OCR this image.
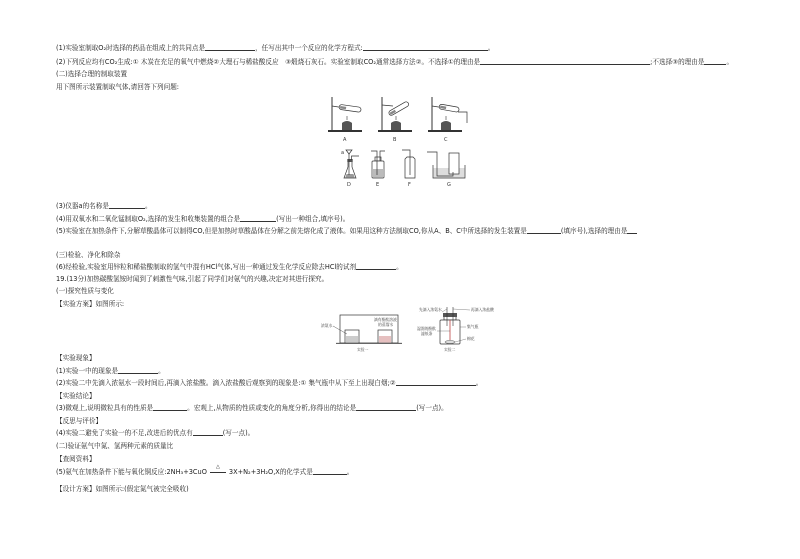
(1)实验室制取O₂时选择的药品在组成上的共同点是	，任写出其中一个反应的化学方程式:	。
(2)下列反应均有CO₂生成:① 木炭在充足的氧气中燃烧②大理石与稀盐酸反应　③煅烧石灰石。实验室制取CO₂通常选择方法②。不选择①的理由是	;不选择③的理由是	。
(二)选择合理的制取装置
用下图所示装置制取气体,请回答下列问题:
A	B	C
a
D	E	F	G
(3)仪器a的名称是	。
(4)用双氧水和二氧化锰制取O₂,选择的发生和收集装置的组合是	(写出一种组合,填序号)。
(5)实验室在加热条件下,分解草酸晶体可以制得CO,但是加热时草酸晶体在分解之前先熔化成了液体。如果用这种方法制取CO,你从A、B、C中所选择的发生装置是	(填序号),选择的理由是
(三)检验、净化和除杂
(6)经检验,实验室用锌粒和稀盐酸制取的氢气中混有HCl气体,写出一种通过发生化学反应除去HCl的试剂	。
19.(13分)加热碳酸氢铵时闻到了刺激性气味,引起了同学们对氨气的兴趣,决定对其进行探究。
(一)探究性质与变化
【实验方案】如图所示:
浓氨水
滴有酚酞溶液
的蒸馏水
实验一
先滴入浓氨水	再滴入浓盐酸
湿润的酚酞
滤纸条
集气瓶
棉花
实验二
【实验现象】
(1)实验一中的现象是	。
(2)实验二中先滴入浓氨水一段时间后,再滴入浓盐酸。滴入浓盐酸后观察到的现象是:① 集气瓶中从下至上出现白烟;②	。
【实验结论】
(3)微观上,说明微粒具有的性质是	。宏观上,从物质的性质或变化的角度分析,你得出的结论是	(写一点)。
【反思与评价】
(4)实验二避免了实验一的不足,改进后的优点有	(写一点)。
(二)验证氨气中氮、氢两种元素的质量比
【查阅资料】
(5)氨气在加热条件下能与氧化铜反应:2NH₃+3CuO
△
3X+N₂+3H₂O,X的化学式是	。
【设计方案】如图所示:(假定氮气被完全吸收)
